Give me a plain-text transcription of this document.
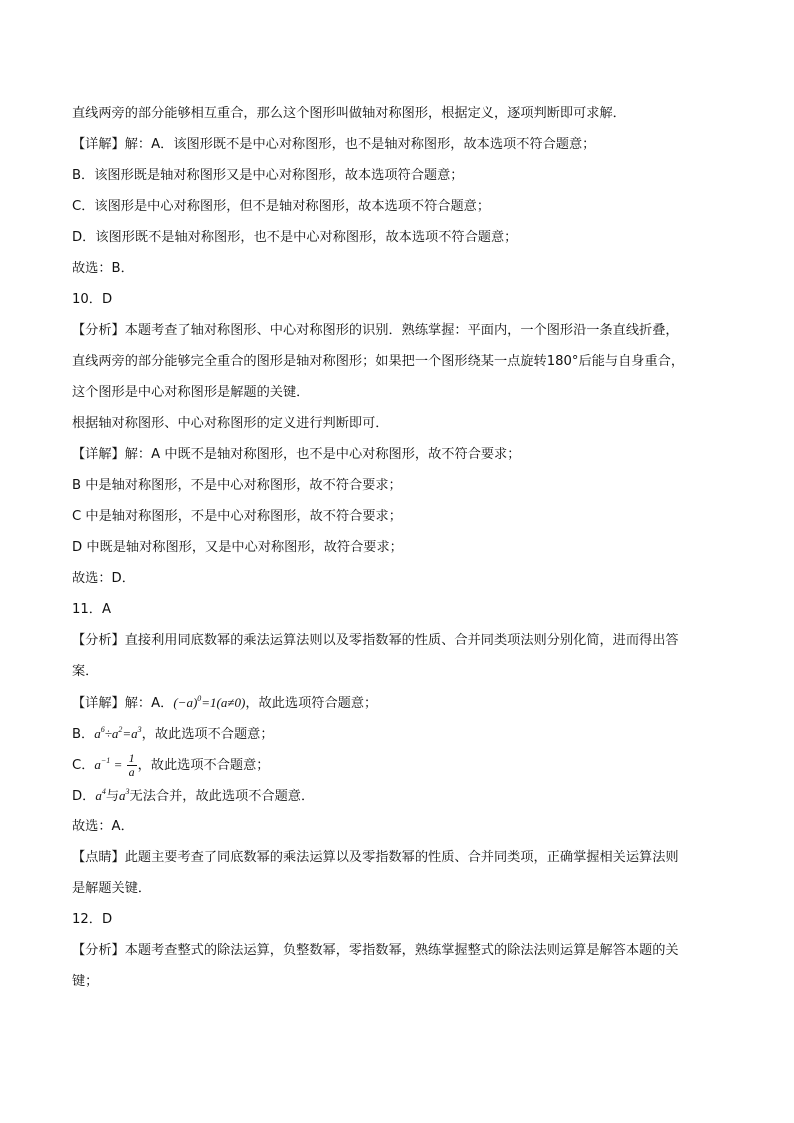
直线两旁的部分能够相互重合，那么这个图形叫做轴对称图形，根据定义，逐项判断即可求解．
【详解】解：A．该图形既不是中心对称图形，也不是轴对称图形，故本选项不符合题意；
B．该图形既是轴对称图形又是中心对称图形，故本选项符合题意；
C．该图形是中心对称图形，但不是轴对称图形，故本选项不符合题意；
D．该图形既不是轴对称图形，也不是中心对称图形，故本选项不符合题意；
故选：B．
10．D
【分析】本题考查了轴对称图形、中心对称图形的识别．熟练掌握：平面内，一个图形沿一条直线折叠，
直线两旁的部分能够完全重合的图形是轴对称图形；如果把一个图形绕某一点旋转180°后能与自身重合，
这个图形是中心对称图形是解题的关键．
根据轴对称图形、中心对称图形的定义进行判断即可．
【详解】解：A 中既不是轴对称图形，也不是中心对称图形，故不符合要求；
B 中是轴对称图形，不是中心对称图形，故不符合要求；
C 中是轴对称图形，不是中心对称图形，故不符合要求；
D 中既是轴对称图形，又是中心对称图形，故符合要求；
故选：D．
11．A
【分析】直接利用同底数幂的乘法运算法则以及零指数幂的性质、合并同类项法则分别化简，进而得出答
案．
【详解】解：A．$(-a)^0=1(a\ne 0)$，故此选项符合题意；
B．$a^6\div a^2=a^3$，故此选项不合题意；
C．$a^{-1} = \frac{1}{a}$ ，故此选项不合题意；
D．$a^4$与$a^3$无法合并，故此选项不合题意．
故选：A．
【点睛】此题主要考查了同底数幂的乘法运算以及零指数幂的性质、合并同类项，正确掌握相关运算法则
是解题关键．
12．D
【分析】本题考查整式的除法运算，负整数幂，零指数幂，熟练掌握整式的除法法则运算是解答本题的关
键；
